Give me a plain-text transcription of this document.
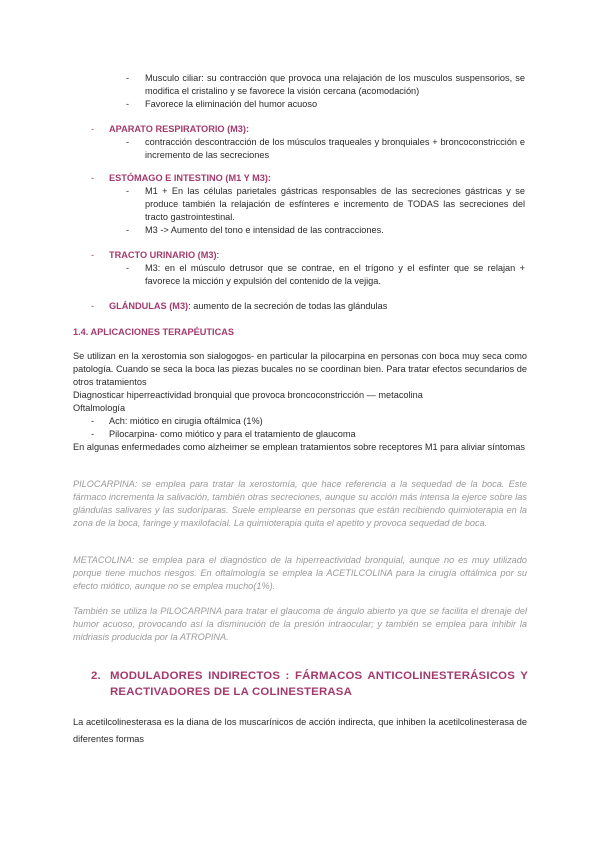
- Musculo ciliar: su contracción que provoca una relajación de los musculos suspensorios, se modifica el cristalino y se favorece la visión cercana (acomodación)
- Favorece la eliminación del humor acuoso
- APARATO RESPIRATORIO (M3):
- contracción descontracción de los músculos traqueales y bronquiales + broncoconstricción e incremento de las secreciones
- ESTÓMAGO E INTESTINO (M1 Y M3):
- M1 + En las células parietales gástricas responsables de las secreciones gástricas y se produce también la relajación de esfínteres e incremento de TODAS las secreciones del tracto gastrointestinal.
- M3 -> Aumento del tono e intensidad de las contracciones.
- TRACTO URINARIO (M3):
- M3: en el músculo detrusor que se contrae, en el trígono y el esfínter que se relajan + favorece la micción y expulsión del contenido de la vejiga.
- GLÁNDULAS (M3): aumento de la secreción de todas las glándulas
1.4. APLICACIONES TERAPÉUTICAS
Se utilizan en la xerostomia son sialogogos- en particular la pilocarpina en personas con boca muy seca como patología. Cuando se seca la boca las piezas bucales no se coordinan bien. Para tratar efectos secundarios de otros tratamientos
Diagnosticar hiperreactividad bronquial que provoca broncoconstricción — metacolina
Oftalmología
- Ach: miótico en cirugia oftálmica (1%)
- Pilocarpina- como miótico y para el tratamiento de glaucoma
En algunas enfermedades como alzheimer se emplean tratamientos sobre receptores M1 para aliviar síntomas
PILOCARPINA: se emplea para tratar la xerostomía, que hace referencia a la sequedad de la boca. Este fármaco incrementa la salivación, también otras secreciones, aunque su acción más intensa la ejerce sobre las glándulas salivares y las sudoríparas. Suele emplearse en personas que están recibiendo quimioterapia en la zona de la boca, faringe y maxilofacial. La quimioterapia quita el apetito y provoca sequedad de boca.
METACOLINA: se emplea para el diagnóstico de la hiperreactividad bronquial, aunque no es muy utilizado porque tiene muchos riesgos. En oftalmología se emplea la ACETILCOLINA para la cirugía oftálmica por su efecto miótico, aunque no se emplea mucho(1%).
También se utiliza la PILOCARPINA para tratar el glaucoma de ángulo abierto ya que se facilita el drenaje del humor acuoso, provocando así la disminución de la presión intraocular; y también se emplea para inhibir la midriasis producida por la ATROPINA.
2. MODULADORES INDIRECTOS : FÁRMACOS ANTICOLINESTERÁSICOS Y
REACTIVADORES DE LA COLINESTERASA
La acetilcolinesterasa es la diana de los muscarínicos de acción indirecta, que inhiben la acetilcolinesterasa de diferentes formas
